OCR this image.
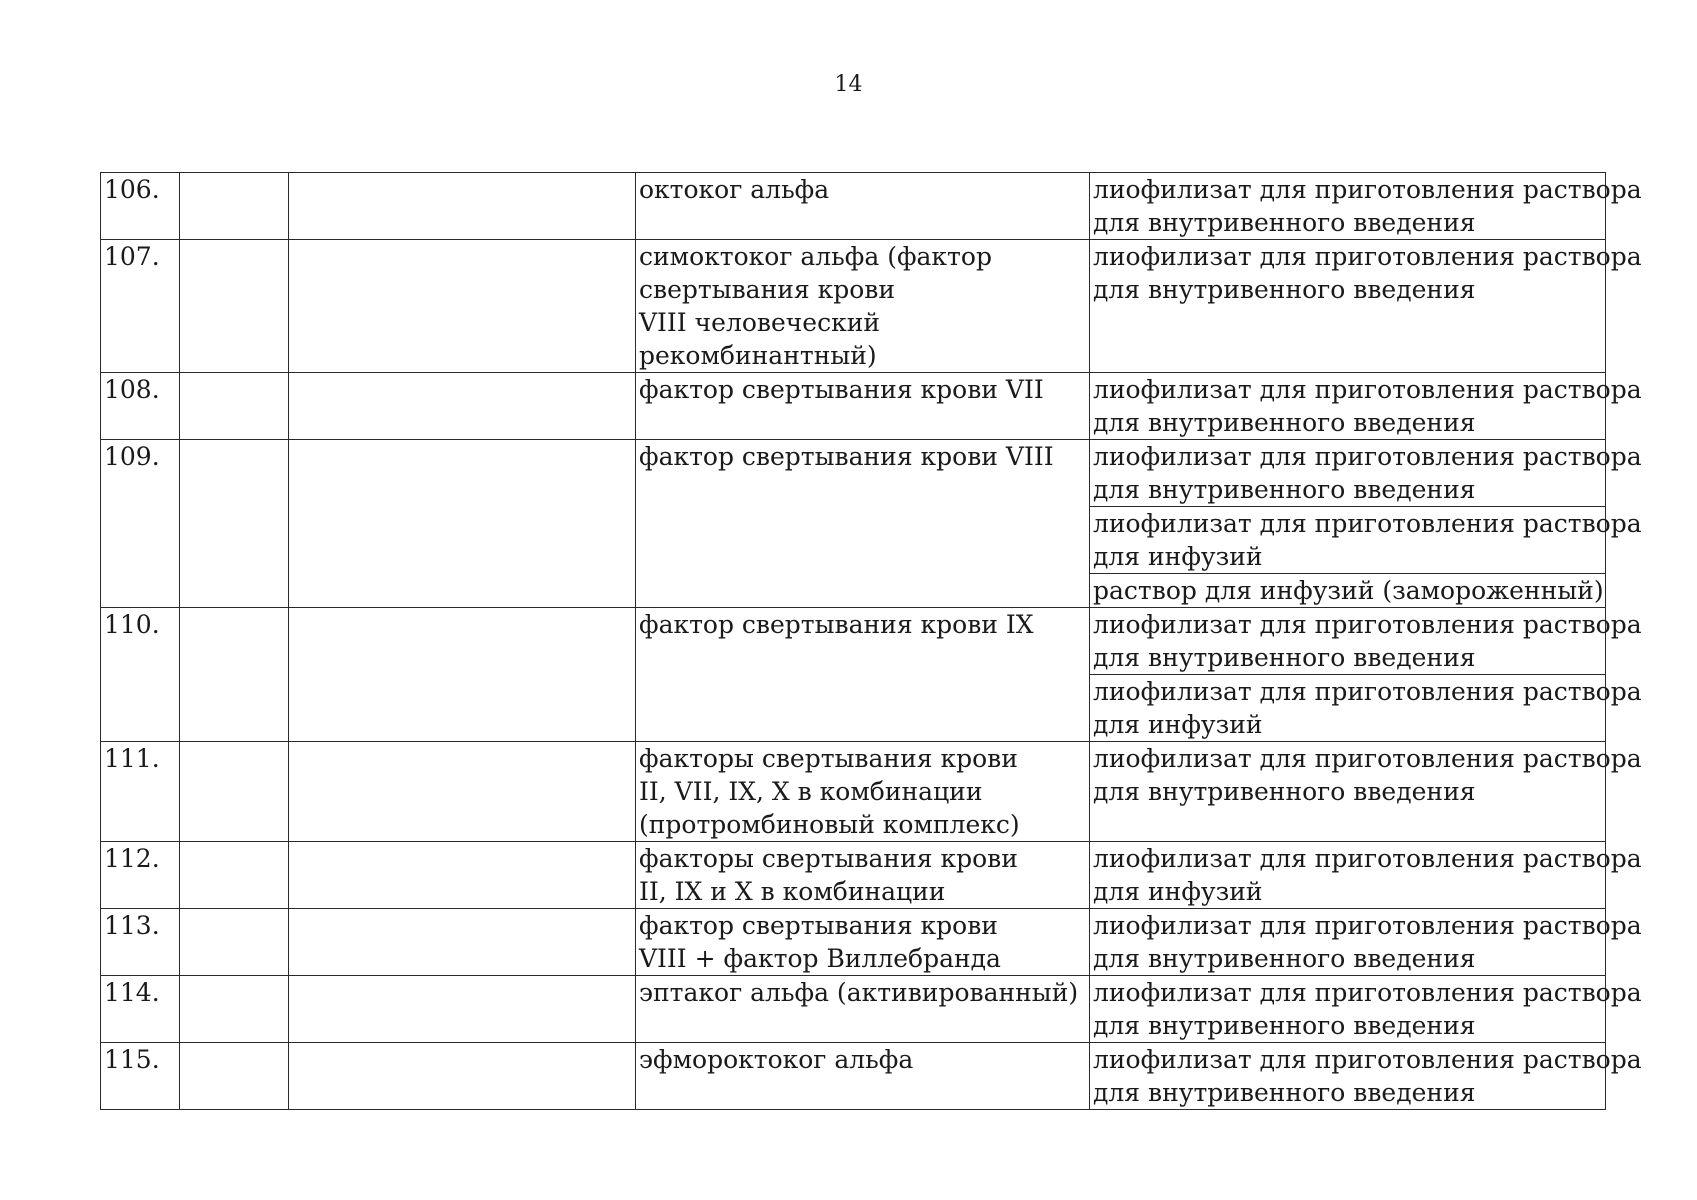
14
106.			октоког альфа	лиофилизат для приготовления раствора
для внутривенного введения

107.			симоктоког альфа (фактор
свертывания крови
VIII человеческий
рекомбинантный)	лиофилизат для приготовления раствора
для внутривенного введения

108.			фактор свертывания крови VII	лиофилизат для приготовления раствора
для внутривенного введения

109.			фактор свертывания крови VIII	лиофилизат для приготовления раствора
для внутривенного введения

				лиофилизат для приготовления раствора
для инфузий

				раствор для инфузий (замороженный)

110.			фактор свертывания крови IX	лиофилизат для приготовления раствора
для внутривенного введения

				лиофилизат для приготовления раствора
для инфузий

111.			факторы свертывания крови
II, VII, IX, X в комбинации
(протромбиновый комплекс)	лиофилизат для приготовления раствора
для внутривенного введения

112.			факторы свертывания крови
II, IX и X в комбинации	лиофилизат для приготовления раствора
для инфузий

113.			фактор свертывания крови
VIII + фактор Виллебранда	лиофилизат для приготовления раствора
для внутривенного введения

114.			эптаког альфа (активированный)	лиофилизат для приготовления раствора
для внутривенного введения

115.			эфмороктоког альфа	лиофилизат для приготовления раствора
для внутривенного введения
